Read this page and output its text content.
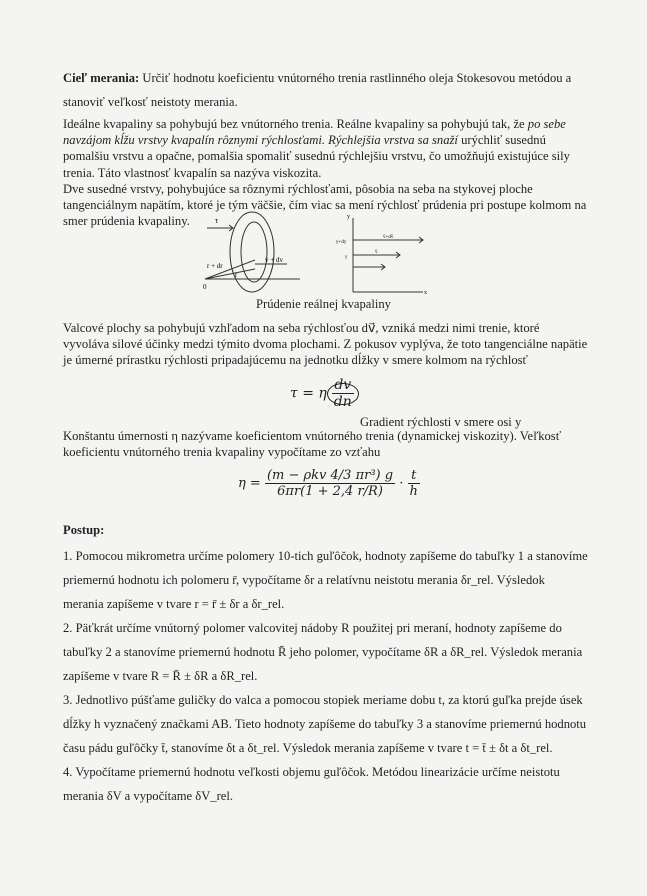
Cieľ merania: Určiť hodnotu koeficientu vnútorného trenia rastlinného oleja Stokesovou metódou a stanoviť veľkosť neistoty merania.

Ideálne kvapaliny sa pohybujú bez vnútorného trenia. Reálne kvapaliny sa pohybujú tak, že po sebe navzájom kĺžu vrstvy kvapalín rôznymi rýchlosťami. Rýchlejšia vrstva sa snaží urýchliť susednú pomalšiu vrstvu a opačne, pomalšia spomaliť susednú rýchlejšiu vrstvu, čo umožňujú existujúce sily trenia. Táto vlastnosť kvapalín sa nazýva viskozita.

Dve susedné vrstvy, pohybujúce sa rôznymi rýchlosťami, pôsobia na seba na stykovej ploche tangenciálnym napätím, ktoré je tým väčšie, čím viac sa mení rýchlosť prúdenia pri postupe kolmom na smer prúdenia kvapaliny.	τ
r + dr
v + dv
r
0
y
y+dy
y
v̄+dv̄
v̄
x
Prúdenie reálnej kvapaliny

Valcové plochy sa pohybujú vzhľadom na seba rýchlosťou dv⃗, vzniká medzi nimi trenie, ktoré vyvoláva silové účinky medzi týmito dvoma plochami. Z pokusov vyplýva, že toto tangenciálne napätie je úmerné prírastku rýchlosti pripadajúcemu na jednotku dĺžky v smere kolmom na rýchlosť

τ = η $\frac{dv}{dn}$
Gradient rýchlosti v smere osi y

Konštantu úmernosti η nazývame koeficientom vnútorného trenia (dynamickej viskozity). Veľkosť koeficientu vnútorného trenia kvapaliny vypočítame zo vzťahu

$\eta = \frac{\text{(m − ρkv 4/3 πr³) g}}{6\pi r(1 + 2,4 r/R)} \cdot \frac{t}{h}$

Postup:

1. Pomocou mikrometra určíme polomery 10-tich guľôčok, hodnoty zapíšeme do tabuľky 1 a stanovíme priemernú hodnotu ich polomeru r̄, vypočítame δr a relatívnu neistotu merania δr_rel. Výsledok merania zapíšeme v tvare r = r̄ ± δr a δr_rel.

2. Päťkrát určíme vnútorný polomer valcovitej nádoby R použitej pri meraní, hodnoty zapíšeme do tabuľky 2 a stanovíme priemernú hodnotu R̄ jeho polomer, vypočítame δR a δR_rel. Výsledok merania zapíšeme v tvare R = R̄ ± δR a δR_rel.

3. Jednotlivo púšťame guličky do valca a pomocou stopiek meriame dobu t, za ktorú guľka prejde úsek dĺžky h vyznačený značkami AB. Tieto hodnoty zapíšeme do tabuľky 3 a stanovíme priemernú hodnotu času pádu guľôčky t̄, stanovíme δt a δt_rel. Výsledok merania zapíšeme v tvare t = t̄ ± δt a δt_rel.

4. Vypočítame priemernú hodnotu veľkosti objemu guľôčok. Metódou linearizácie určíme neistotu merania δV a vypočítame δV_rel.
